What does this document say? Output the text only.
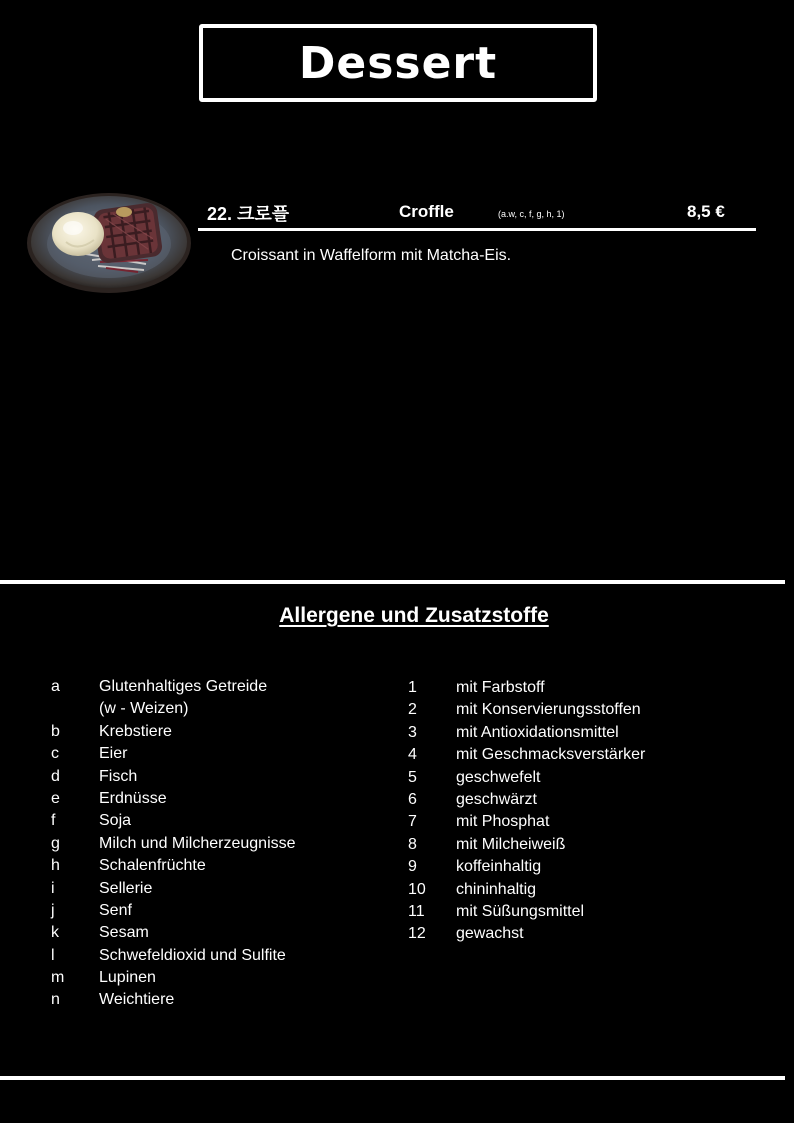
Dessert
22. 크로플	Croffle	(a.w, c, f, g, h, 1)	8,5 €
Croissant in Waffelform mit Matcha-Eis.
Allergene und Zusatzstoffe
a Glutenhaltiges Getreide
(w - Weizen)
b Krebstiere
c	Eier
d Fisch
e Erdnüsse
f	Soja
g Milch und Milcherzeugnisse
h Schalenfrüchte
i	Sellerie
j	Senf
k	Sesam
l	Schwefeldioxid und Sulfite
m Lupinen
n Weichtiere
1 mit Farbstoff
2 mit Konservierungsstoffen
3 mit Antioxidationsmittel
4 mit Geschmacksverstärker
5 geschwefelt
6 geschwärzt
7 mit Phosphat
8 mit Milcheiweiß
9 koffeinhaltig
10 chininhaltig
11 mit Süßungsmittel
12 gewachst
